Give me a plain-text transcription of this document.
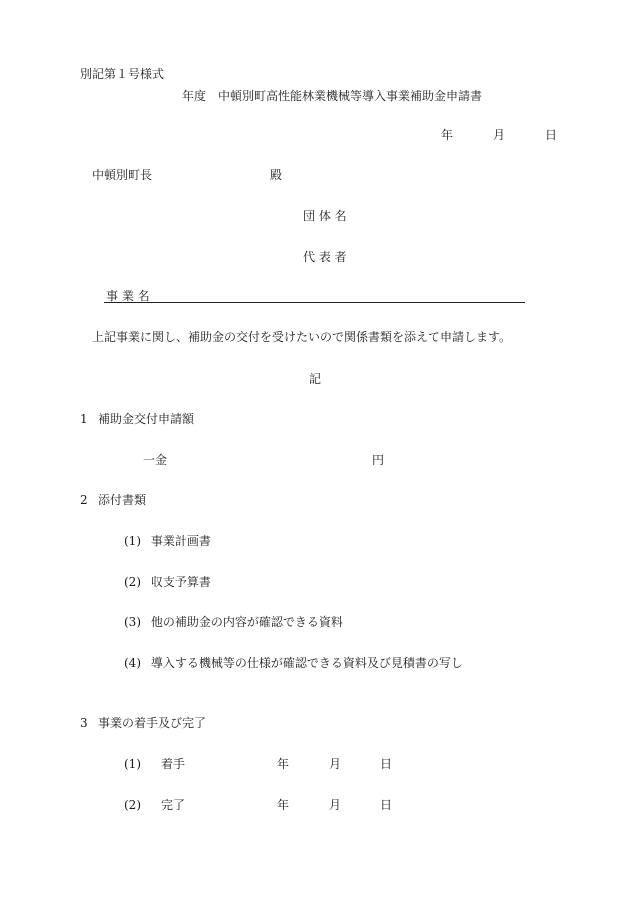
別記第１号様式
年度　中頓別町高性能林業機械等導入事業補助金申請書
年	月	日
中頓別町長	殿
団 体 名
代 表 者
事 業 名
上記事業に関し、補助金の交付を受けたいので関係書類を添えて申請します。
記
1 補助金交付申請額
一金	円
2 添付書類
(1) 事業計画書
(2) 収支予算書
(3) 他の補助金の内容が確認できる資料
(4) 導入する機械等の仕様が確認できる資料及び見積書の写し
3 事業の着手及び完了
(1) 着手	年	月	日
(2) 完了	年	月	日
